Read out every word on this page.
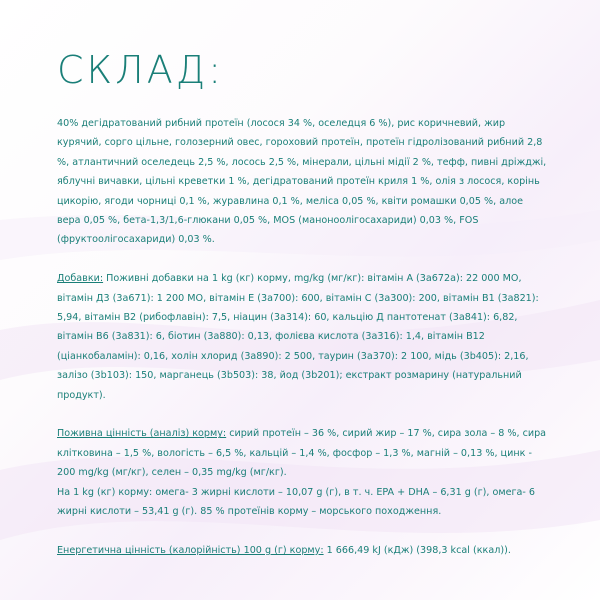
СКЛАД:

40% дегідратований рибний протеїн (лосося 34 %, оселедця 6 %), рис коричневий, жир курячий, сорго цільне, голозерний овес, гороховий протеїн, протеїн гідролізований рибний 2,8 %, атлантичний оселедець 2,5 %, лосось 2,5 %, мінерали, цільні мідії 2 %, тефф, пивні дріжджі, яблучні вичавки, цільні креветки 1 %, дегідратований протеїн криля 1 %, олія з лосося, корінь цикорію, ягоди чорниці 0,1 %, журавлина 0,1 %, меліса 0,05 %, квіти ромашки 0,05 %, алое вера 0,05 %, бета-1,3/1,6-глюкани 0,05 %, MOS (маноноолігосахариди) 0,03 %, FOS (фруктоолігосахариди) 0,03 %.

Добавки: Поживні добавки на 1 kg (кг) корму, mg/kg (мг/кг): вітамін А (3а672а): 22 000 МО, вітамін Д3 (3а671): 1 200 МО, вітамін Е (3а700): 600, вітамін С (3а300): 200, вітамін В1 (3а821): 5,94, вітамін В2 (рибофлавін): 7,5, ніацин (3а314): 60, кальцію Д пантотенат (3а841): 6,82, вітамін В6 (3а831): 6, біотин (3а880): 0,13, фолієва кислота (3а316): 1,4, вітамін В12 (ціанкобаламін): 0,16, холін хлорид (3а890): 2 500, таурин (3а370): 2 100, мідь (3b405): 2,16, залізо (3b103): 150, марганець (3b503): 38, йод (3b201); екстракт розмарину (натуральний продукт).

Поживна цінність (аналіз) корму: сирий протеїн – 36 %, сирий жир – 17 %, сира зола – 8 %, сира клітковина – 1,5 %, вологість – 6,5 %, кальцій – 1,4 %, фосфор – 1,3 %, магній – 0,13 %, цинк - 200 mg/kg (мг/кг), селен – 0,35 mg/kg (мг/кг).

На 1 kg (кг) корму: омега- 3 жирні кислоти – 10,07 g (г), в т. ч. EPA + DHA – 6,31 g (г), омега- 6 жирні кислоти – 53,41 g (г). 85 % протеїнів корму – морського походження.

Енергетична цінність (калорійність) 100 g (г) корму: 1 666,49 kJ (кДж) (398,3 kcal (ккал)).
